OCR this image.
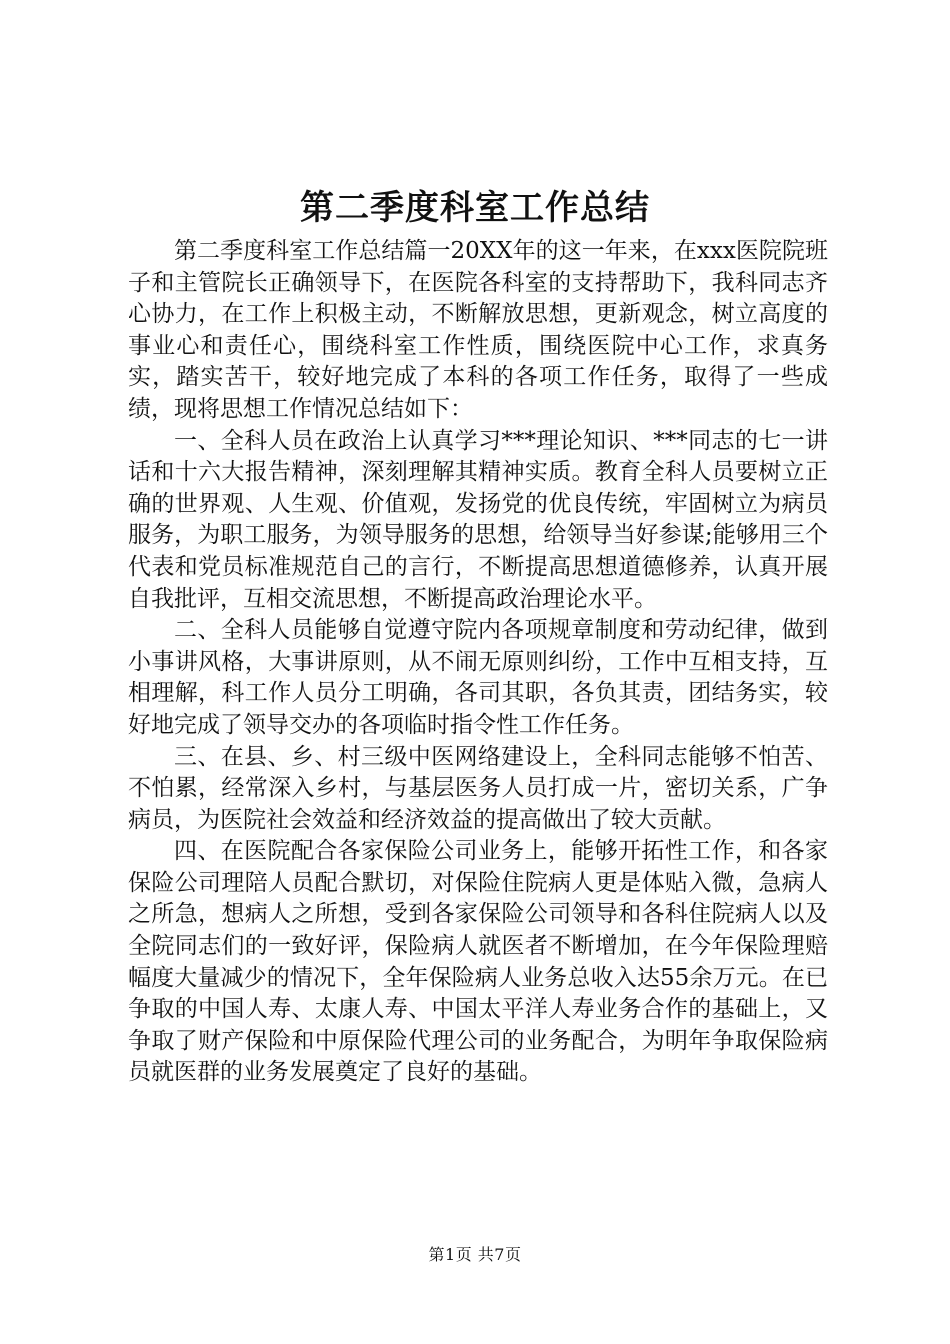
第二季度科室工作总结

第二季度科室工作总结篇一20XX年的这一年来，在xxx医院院班子和主管院长正确领导下，在医院各科室的支持帮助下，我科同志齐心协力，在工作上积极主动，不断解放思想，更新观念，树立高度的事业心和责任心，围绕科室工作性质，围绕医院中心工作，求真务实，踏实苦干，较好地完成了本科的各项工作任务，取得了一些成绩，现将思想工作情况总结如下：

一、全科人员在政治上认真学习***理论知识、***同志的七一讲话和十六大报告精神，深刻理解其精神实质。教育全科人员要树立正确的世界观、人生观、价值观，发扬党的优良传统，牢固树立为病员服务，为职工服务，为领导服务的思想，给领导当好参谋;能够用三个代表和党员标准规范自己的言行，不断提高思想道德修养，认真开展自我批评，互相交流思想，不断提高政治理论水平。

二、全科人员能够自觉遵守院内各项规章制度和劳动纪律，做到小事讲风格，大事讲原则，从不闹无原则纠纷，工作中互相支持，互相理解，科工作人员分工明确，各司其职，各负其责，团结务实，较好地完成了领导交办的各项临时指令性工作任务。

三、在县、乡、村三级中医网络建设上，全科同志能够不怕苦、不怕累，经常深入乡村，与基层医务人员打成一片，密切关系，广争病员，为医院社会效益和经济效益的提高做出了较大贡献。

四、在医院配合各家保险公司业务上，能够开拓性工作，和各家保险公司理陪人员配合默切，对保险住院病人更是体贴入微，急病人之所急，想病人之所想，受到各家保险公司领导和各科住院病人以及全院同志们的一致好评，保险病人就医者不断增加，在今年保险理赔幅度大量减少的情况下，全年保险病人业务总收入达55余万元。在已争取的中国人寿、太康人寿、中国太平洋人寿业务合作的基础上，又争取了财产保险和中原保险代理公司的业务配合，为明年争取保险病员就医群的业务发展奠定了良好的基础。

第1页 共7页
